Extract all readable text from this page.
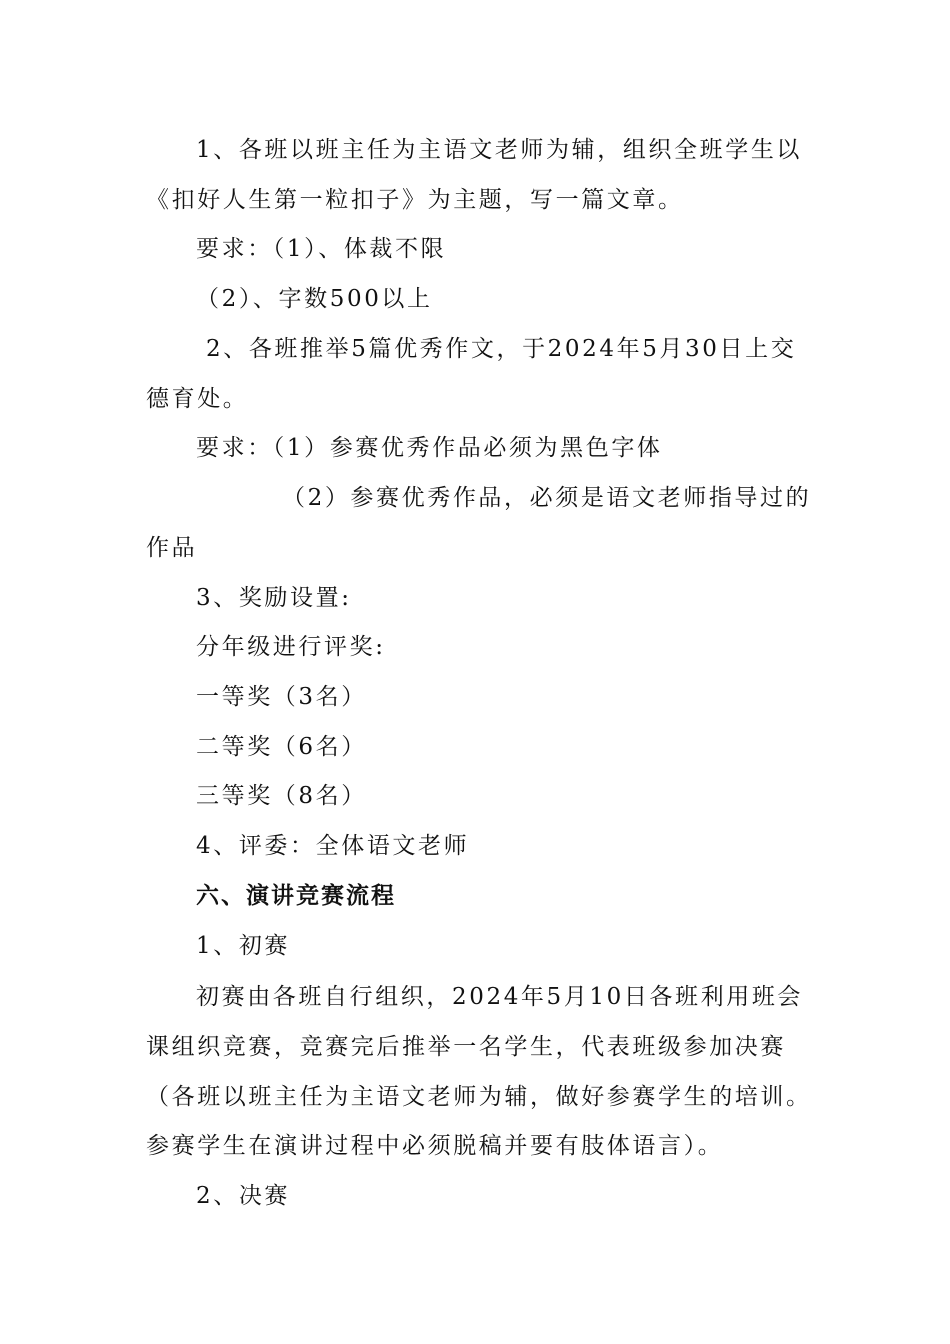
1、各班以班主任为主语文老师为辅，组织全班学生以
《扣好人生第一粒扣子》为主题，写一篇文章。
要求：（1）、体裁不限
（2）、字数500以上
2、各班推举5篇优秀作文，于2024年5月30日上交
德育处。
要求：（1）参赛优秀作品必须为黑色字体
（2）参赛优秀作品，必须是语文老师指导过的
作品
3、奖励设置:
分年级进行评奖:
一等奖（3名）
二等奖（6名）
三等奖（8名）
4、评委：全体语文老师
六、演讲竞赛流程
1、初赛
初赛由各班自行组织，2024年5月10日各班利用班会
课组织竞赛，竞赛完后推举一名学生，代表班级参加决赛
（各班以班主任为主语文老师为辅，做好参赛学生的培训。
参赛学生在演讲过程中必须脱稿并要有肢体语言）。
2、决赛
